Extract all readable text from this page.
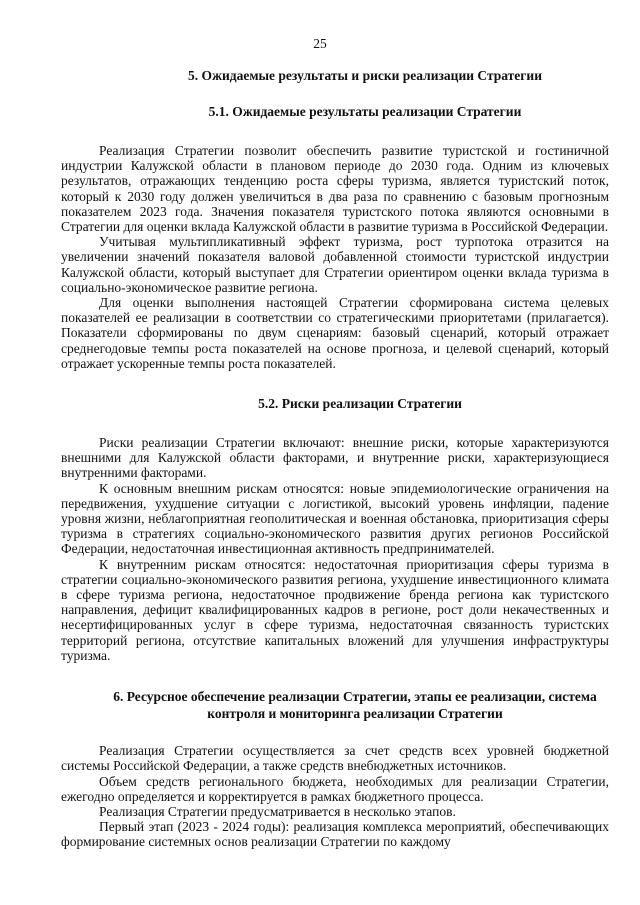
25
5. Ожидаемые результаты и риски реализации Стратегии
5.1. Ожидаемые результаты реализации Стратегии

Реализация Стратегии позволит обеспечить развитие туристской и гостиничной индустрии Калужской области в плановом периоде до 2030 года. Одним из ключевых результатов, отражающих тенденцию роста сферы туризма, является туристский поток, который к 2030 году должен увеличиться в два раза по сравнению с базовым прогнозным показателем 2023 года. Значения показателя туристского потока являются основными в Стратегии для оценки вклада Калужской области в развитие туризма в Российской Федерации.

Учитывая мультипликативный эффект туризма, рост турпотока отразится на увеличении значений показателя валовой добавленной стоимости туристской индустрии Калужской области, который выступает для Стратегии ориентиром оценки вклада туризма в социально-экономическое развитие региона.

Для оценки выполнения настоящей Стратегии сформирована система целевых показателей ее реализации в соответствии со стратегическими приоритетами (прилагается). Показатели сформированы по двум сценариям: базовый сценарий, который отражает среднегодовые темпы роста показателей на основе прогноза, и целевой сценарий, который отражает ускоренные темпы роста показателей.

5.2. Риски реализации Стратегии

Риски реализации Стратегии включают: внешние риски, которые характеризуются внешними для Калужской области факторами, и внутренние риски, характеризующиеся внутренними факторами.

К основным внешним рискам относятся: новые эпидемиологические ограничения на передвижения, ухудшение ситуации с логистикой, высокий уровень инфляции, падение уровня жизни, неблагоприятная геополитическая и военная обстановка, приоритизация сферы туризма в стратегиях социально-экономического развития других регионов Российской Федерации, недостаточная инвестиционная активность предпринимателей.

К внутренним рискам относятся: недостаточная приоритизация сферы туризма в стратегии социально-экономического развития региона, ухудшение инвестиционного климата в сфере туризма региона, недостаточное продвижение бренда региона как туристского направления, дефицит квалифицированных кадров в регионе, рост доли некачественных и несертифицированных услуг в сфере туризма, недостаточная связанность туристских территорий региона, отсутствие капитальных вложений для улучшения инфраструктуры туризма.

6. Ресурсное обеспечение реализации Стратегии, этапы ее реализации, система
контроля и мониторинга реализации Стратегии

Реализация Стратегии осуществляется за счет средств всех уровней бюджетной системы Российской Федерации, а также средств внебюджетных источников.

Объем средств регионального бюджета, необходимых для реализации Стратегии, ежегодно определяется и корректируется в рамках бюджетного процесса.

Реализация Стратегии предусматривается в несколько этапов.

Первый этап (2023 - 2024 годы): реализация комплекса мероприятий, обеспечивающих формирование системных основ реализации Стратегии по каждому
